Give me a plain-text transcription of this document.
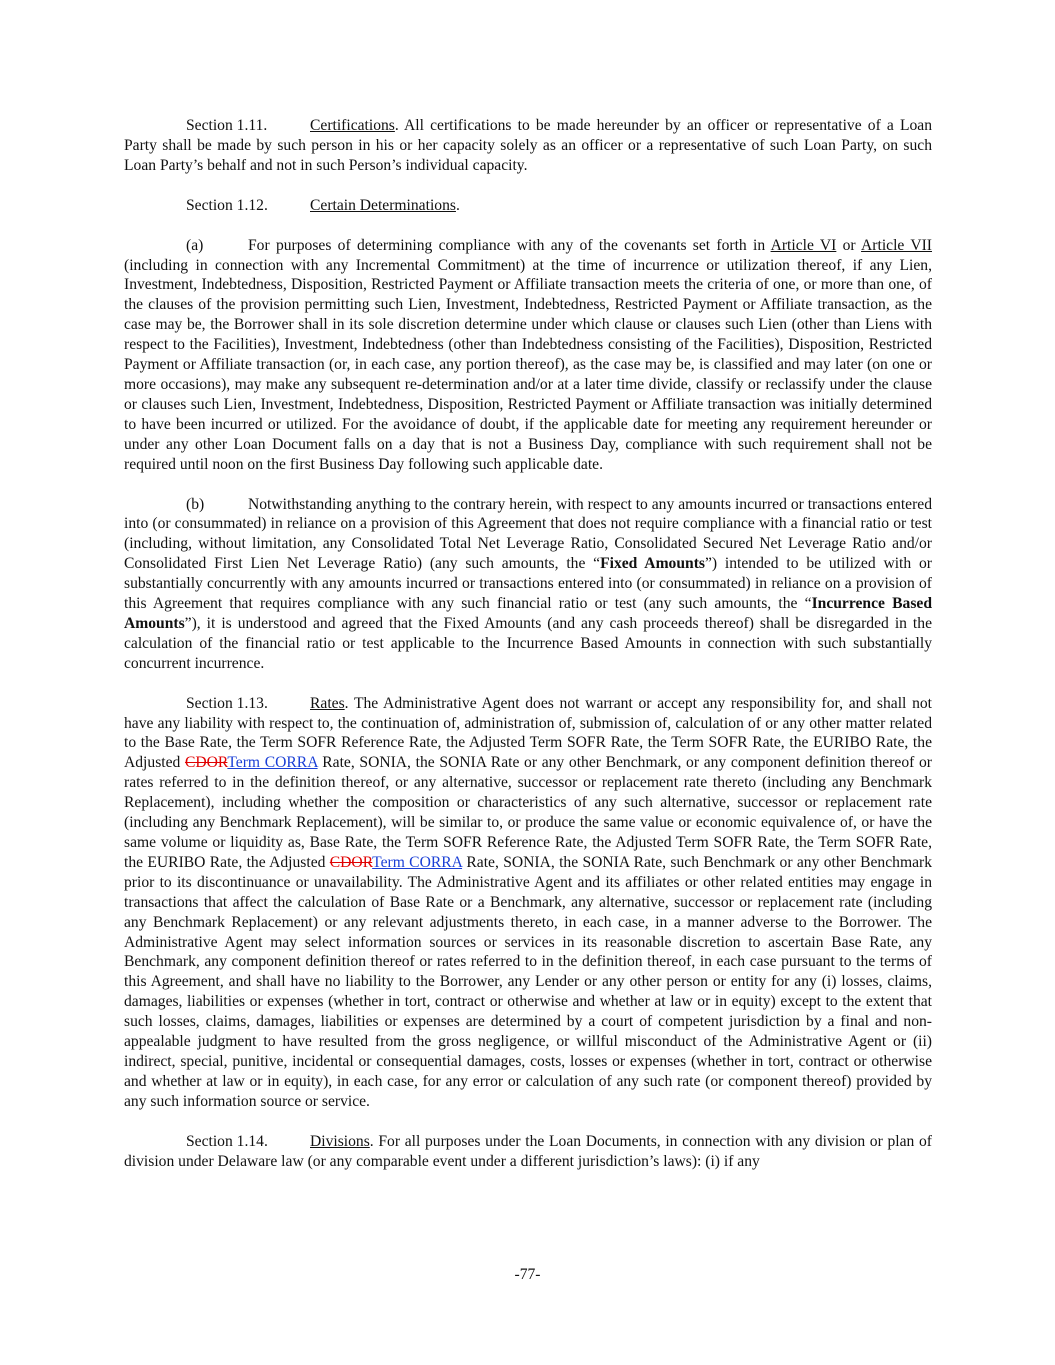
Section 1.11.	Certifications. All certifications to be made hereunder by an officer or representative of a Loan Party shall be made by such person in his or her capacity solely as an officer or a representative of such Loan Party, on such Loan Party’s behalf and not in such Person’s individual capacity.

Section 1.12.	Certain Determinations.

(a)	For purposes of determining compliance with any of the covenants set forth in Article VI or Article VII (including in connection with any Incremental Commitment) at the time of incurrence or utilization thereof, if any Lien, Investment, Indebtedness, Disposition, Restricted Payment or Affiliate transaction meets the criteria of one, or more than one, of the clauses of the provision permitting such Lien, Investment, Indebtedness, Restricted Payment or Affiliate transaction, as the case may be, the Borrower shall in its sole discretion determine under which clause or clauses such Lien (other than Liens with respect to the Facilities), Investment, Indebtedness (other than Indebtedness consisting of the Facilities), Disposition, Restricted Payment or Affiliate transaction (or, in each case, any portion thereof), as the case may be, is classified and may later (on one or more occasions), may make any subsequent re-determination and/or at a later time divide, classify or reclassify under the clause or clauses such Lien, Investment, Indebtedness, Disposition, Restricted Payment or Affiliate transaction was initially determined to have been incurred or utilized. For the avoidance of doubt, if the applicable date for meeting any requirement hereunder or under any other Loan Document falls on a day that is not a Business Day, compliance with such requirement shall not be required until noon on the first Business Day following such applicable date.

(b)	Notwithstanding anything to the contrary herein, with respect to any amounts incurred or transactions entered into (or consummated) in reliance on a provision of this Agreement that does not require compliance with a financial ratio or test (including, without limitation, any Consolidated Total Net Leverage Ratio, Consolidated Secured Net Leverage Ratio and/or Consolidated First Lien Net Leverage Ratio) (any such amounts, the “Fixed Amounts”) intended to be utilized with or substantially concurrently with any amounts incurred or transactions entered into (or consummated) in reliance on a provision of this Agreement that requires compliance with any such financial ratio or test (any such amounts, the “Incurrence Based Amounts”), it is understood and agreed that the Fixed Amounts (and any cash proceeds thereof) shall be disregarded in the calculation of the financial ratio or test applicable to the Incurrence Based Amounts in connection with such substantially concurrent incurrence.

Section 1.13.	Rates. The Administrative Agent does not warrant or accept any responsibility for, and shall not have any liability with respect to, the continuation of, administration of, submission of, calculation of or any other matter related to the Base Rate, the Term SOFR Reference Rate, the Adjusted Term SOFR Rate, the Term SOFR Rate, the EURIBO Rate, the Adjusted CDORTerm CORRA Rate, SONIA, the SONIA Rate or any other Benchmark, or any component definition thereof or rates referred to in the definition thereof, or any alternative, successor or replacement rate thereto (including any Benchmark Replacement), including whether the composition or characteristics of any such alternative, successor or replacement rate (including any Benchmark Replacement), will be similar to, or produce the same value or economic equivalence of, or have the same volume or liquidity as, Base Rate, the Term SOFR Reference Rate, the Adjusted Term SOFR Rate, the Term SOFR Rate, the EURIBO Rate, the Adjusted CDORTerm CORRA Rate, SONIA, the SONIA Rate, such Benchmark or any other Benchmark prior to its discontinuance or unavailability. The Administrative Agent and its affiliates or other related entities may engage in transactions that affect the calculation of Base Rate or a Benchmark, any alternative, successor or replacement rate (including any Benchmark Replacement) or any relevant adjustments thereto, in each case, in a manner adverse to the Borrower. The Administrative Agent may select information sources or services in its reasonable discretion to ascertain Base Rate, any Benchmark, any component definition thereof or rates referred to in the definition thereof, in each case pursuant to the terms of this Agreement, and shall have no liability to the Borrower, any Lender or any other person or entity for any (i) losses, claims, damages, liabilities or expenses (whether in tort, contract or otherwise and whether at law or in equity) except to the extent that such losses, claims, damages, liabilities or expenses are determined by a court of competent jurisdiction by a final and non-appealable judgment to have resulted from the gross negligence, or willful misconduct of the Administrative Agent or (ii) indirect, special, punitive, incidental or consequential damages, costs, losses or expenses (whether in tort, contract or otherwise and whether at law or in equity), in each case, for any error or calculation of any such rate (or component thereof) provided by any such information source or service.

Section 1.14.	Divisions. For all purposes under the Loan Documents, in connection with any division or plan of division under Delaware law (or any comparable event under a different jurisdiction’s laws): (i) if any

-77-
